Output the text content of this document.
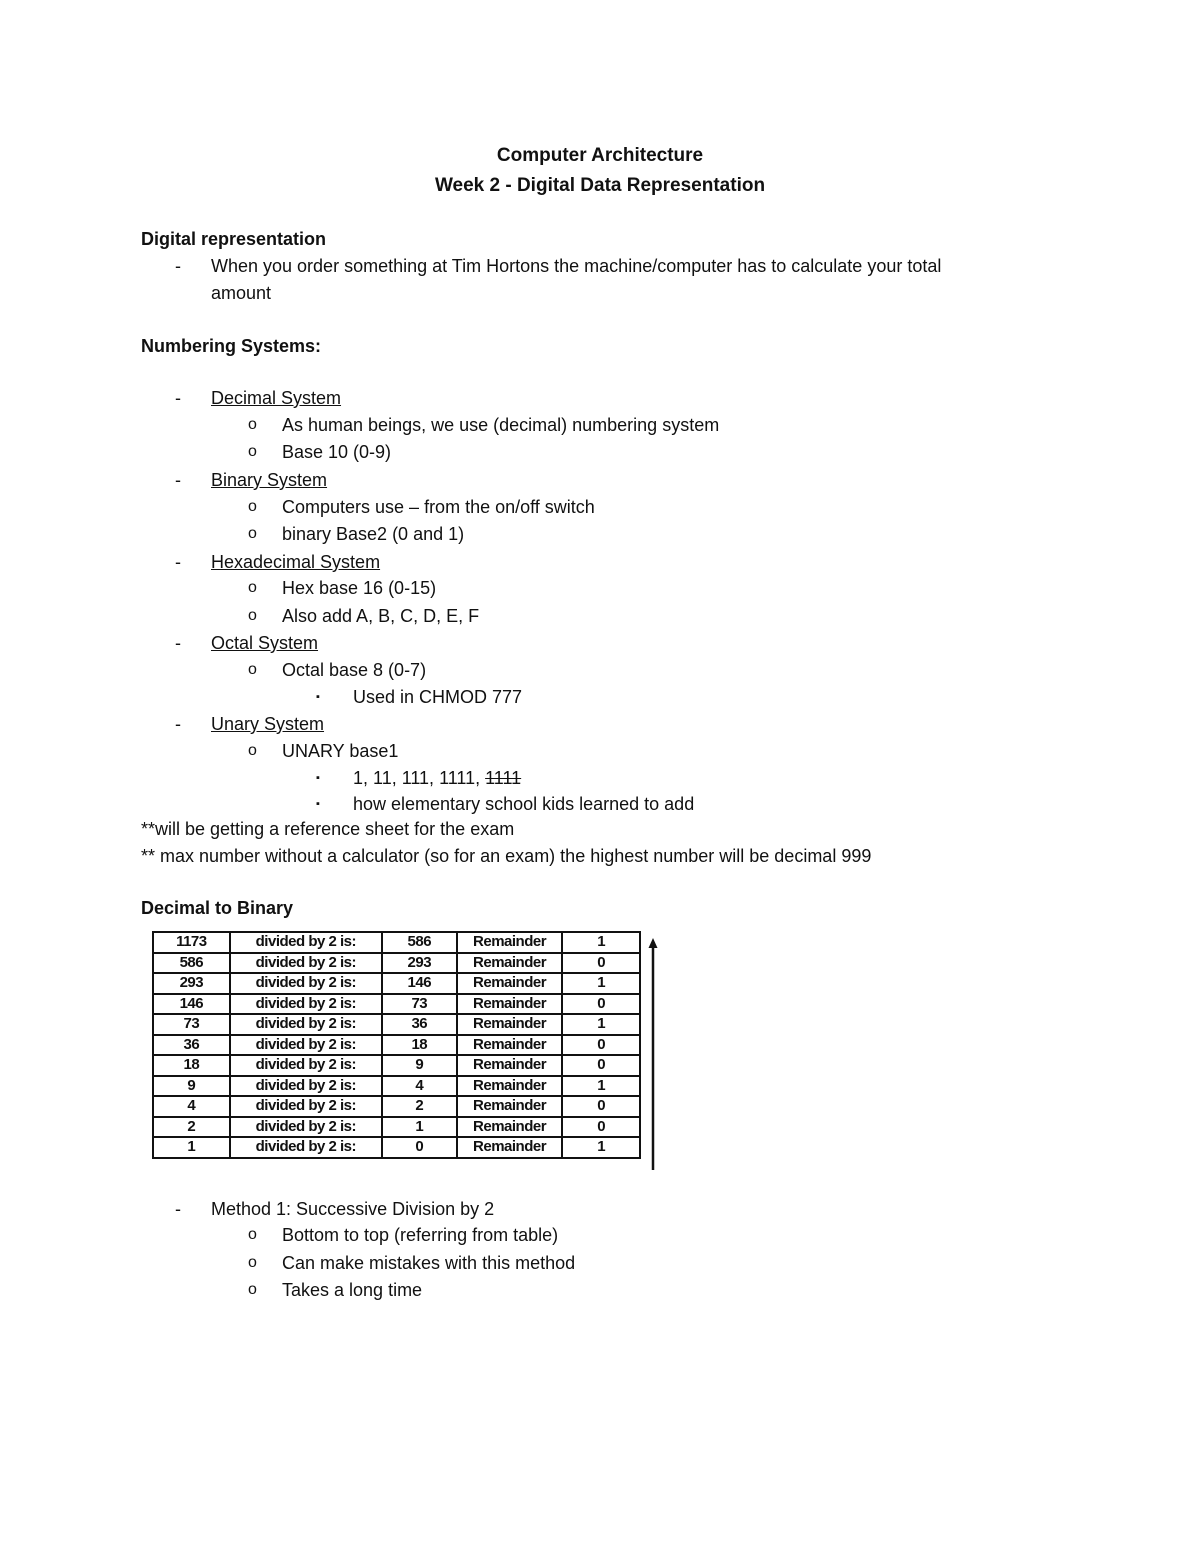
Computer Architecture
Week 2 - Digital Data Representation
Digital representation
- When you order something at Tim Hortons the machine/computer has to calculate your total
amount
Numbering Systems:
- Decimal System
o As human beings, we use (decimal) numbering system
o Base 10 (0-9)
- Binary System
o Computers use – from the on/off switch
o binary Base2 (0 and 1)
- Hexadecimal System
o Hex base 16 (0-15)
o Also add A, B, C, D, E, F
- Octal System
o Octal base 8 (0-7)
▪ Used in CHMOD 777
- Unary System
o UNARY base1
▪ 1, 11, 111, 1111, 1111
▪ how elementary school kids learned to add
**will be getting a reference sheet for the exam
** max number without a calculator (so for an exam) the highest number will be decimal 999
Decimal to Binary
1173	divided by 2 is:	586	Remainder	1
586	divided by 2 is:	293	Remainder	0
293	divided by 2 is:	146	Remainder	1
146	divided by 2 is:	73	Remainder	0
73	divided by 2 is:	36	Remainder	1
36	divided by 2 is:	18	Remainder	0
18	divided by 2 is:	9	Remainder	0
9	divided by 2 is:	4	Remainder	1
4	divided by 2 is:	2	Remainder	0
2	divided by 2 is:	1	Remainder	0
1	divided by 2 is:	0	Remainder	1
- Method 1: Successive Division by 2
o Bottom to top (referring from table)
o Can make mistakes with this method
o Takes a long time
